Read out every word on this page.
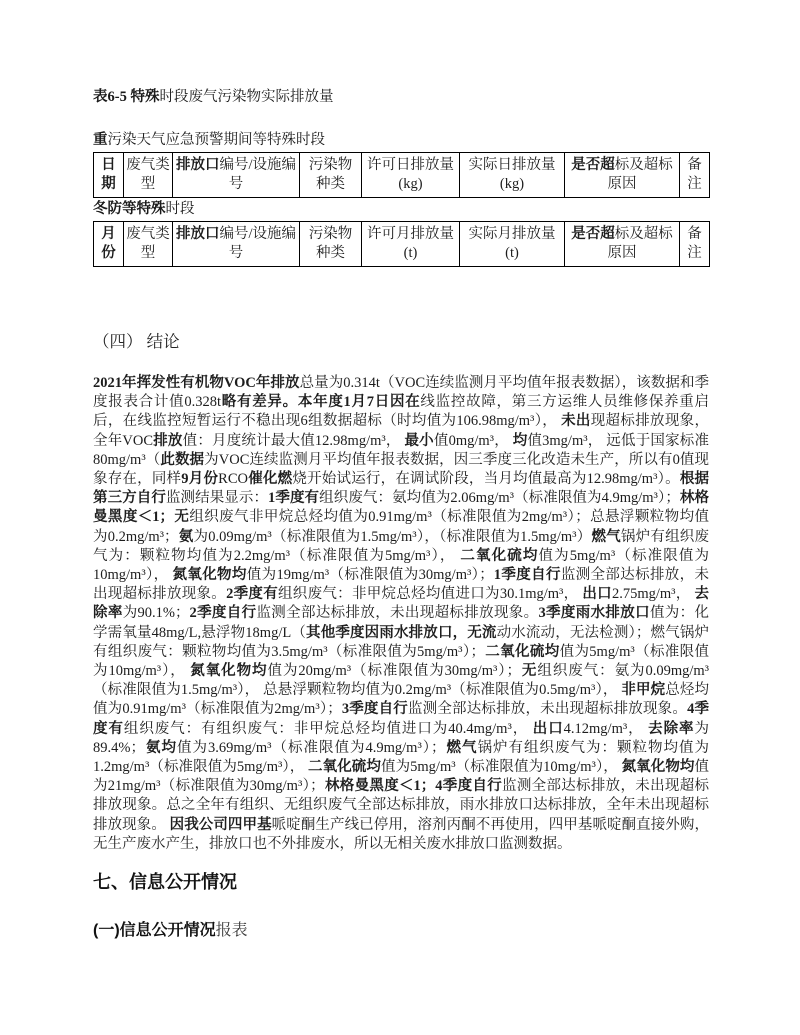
表6-5 特殊时段废气污染物实际排放量

重污染天气应急预警期间等特殊时段

日期	废气类型	排放口编号/设施编号	污染物种类	许可日排放量(kg)	实际日排放量(kg)	是否超标及超标原因	备注

冬防等特殊时段

月份	废气类型	排放口编号/设施编号	污染物种类	许可月排放量(t)	实际月排放量(t)	是否超标及超标原因	备注
（四） 结论

2021年挥发性有机物VOC年排放总量为0.314t（VOC连续监测月平均值年报表数据），该数据和季度报表合计值0.328t略有差异。本年度1月7日因在线监控故障，第三方运维人员维修保养重启后，在线监控短暂运行不稳出现6组数据超标（时均值为106.98mg/m³）， 未出现超标排放现象，全年VOC排放值：月度统计最大值12.98mg/m³， 最小值0mg/m³， 均值3mg/m³， 远低于国家标准80mg/m³（此数据为VOC连续监测月平均值年报表数据，因三季度三化改造未生产，所以有0值现象存在，同样9月份RCO催化燃烧开始试运行，在调试阶段，当月均值最高为12.98mg/m³）。根据第三方自行监测结果显示：1季度有组织废气：氨均值为2.06mg/m³（标准限值为4.9mg/m³）；林格曼黑度＜1；无组织废气非甲烷总烃均值为0.91mg/m³（标准限值为2mg/m³）；总悬浮颗粒物均值为0.2mg/m³；氨为0.09mg/m³（标准限值为1.5mg/m³），（标准限值为1.5mg/m³）燃气锅炉有组织废气为：颗粒物均值为2.2mg/m³（标准限值为5mg/m³）， 二氧化硫均值为5mg/m³（标准限值为10mg/m³）， 氮氧化物均值为19mg/m³（标准限值为30mg/m³）；1季度自行监测全部达标排放，未出现超标排放现象。2季度有组织废气：非甲烷总烃均值进口为30.1mg/m³， 出口2.75mg/m³， 去除率为90.1%；2季度自行监测全部达标排放，未出现超标排放现象。3季度雨水排放口值为：化学需氧量48mg/L,悬浮物18mg/L（其他季度因雨水排放口，无流动水流动，无法检测）；燃气锅炉有组织废气：颗粒物均值为3.5mg/m³（标准限值为5mg/m³）；二氧化硫均值为5mg/m³（标准限值为10mg/m³）， 氮氧化物均值为20mg/m³（标准限值为30mg/m³）；无组织废气：氨为0.09mg/m³（标准限值为1.5mg/m³）， 总悬浮颗粒物均值为0.2mg/m³（标准限值为0.5mg/m³）， 非甲烷总烃均值为0.91mg/m³（标准限值为2mg/m³）；3季度自行监测全部达标排放，未出现超标排放现象。4季度有组织废气：有组织废气：非甲烷总烃均值进口为40.4mg/m³， 出口4.12mg/m³， 去除率为89.4%；氨均值为3.69mg/m³（标准限值为4.9mg/m³）；燃气锅炉有组织废气为：颗粒物均值为1.2mg/m³（标准限值为5mg/m³）， 二氧化硫均值为5mg/m³（标准限值为10mg/m³）， 氮氧化物均值为21mg/m³（标准限值为30mg/m³）；林格曼黑度＜1；4季度自行监测全部达标排放，未出现超标排放现象。总之全年有组织、无组织废气全部达标排放，雨水排放口达标排放，全年未出现超标排放现象。 因我公司四甲基哌啶酮生产线已停用，溶剂丙酮不再使用，四甲基哌啶酮直接外购，无生产废水产生，排放口也不外排废水，所以无相关废水排放口监测数据。

七、信息公开情况
(一)信息公开情况报表
